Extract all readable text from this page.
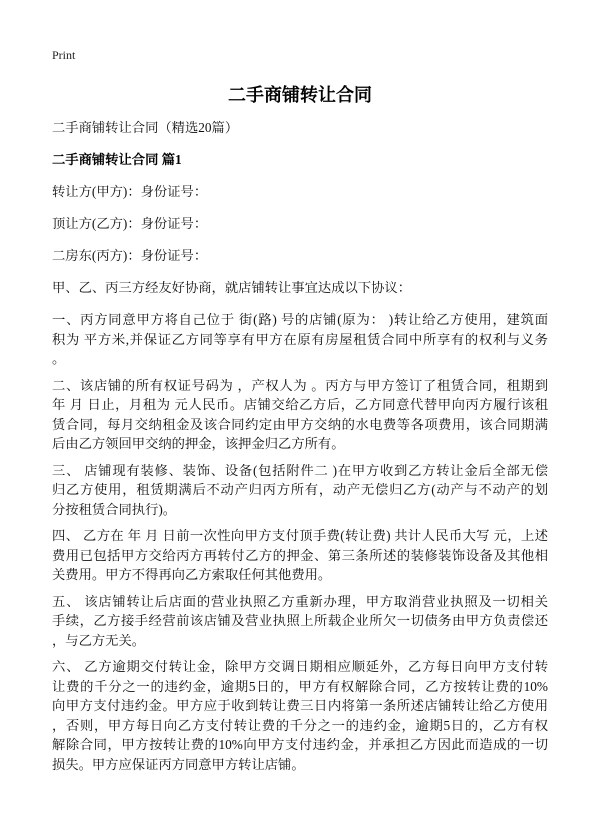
Print
二手商铺转让合同

二手商铺转让合同（精选20篇）

二手商铺转让合同 篇1

转让方(甲方)：身份证号：

顶让方(乙方)：身份证号：

二房东(丙方)：身份证号：

甲、乙、丙三方经友好协商，就店铺转让事宜达成以下协议：

一、丙方同意甲方将自己位于 街(路) 号的店铺(原为： )转让给乙方使用，建筑面
积为 平方米,并保证乙方同等享有甲方在原有房屋租赁合同中所享有的权利与义务
。
二、该店铺的所有权证号码为 ，产权人为 。丙方与甲方签订了租赁合同，租期到
年 月 日止，月租为 元人民币。店铺交给乙方后，乙方同意代替甲向丙方履行该租
赁合同，每月交纳租金及该合同约定由甲方交纳的水电费等各项费用，该合同期满
后由乙方领回甲交纳的押金，该押金归乙方所有。
三、 店铺现有装修、装饰、设备(包括附件二 )在甲方收到乙方转让金后全部无偿
归乙方使用，租赁期满后不动产归丙方所有，动产无偿归乙方(动产与不动产的划
分按租赁合同执行)。
四、 乙方在 年 月 日前一次性向甲方支付顶手费(转让费) 共计人民币大写 元，上述
费用已包括甲方交给丙方再转付乙方的押金、第三条所述的装修装饰设备及其他相
关费用。甲方不得再向乙方索取任何其他费用。
五、 该店铺转让后店面的营业执照乙方重新办理，甲方取消营业执照及一切相关
手续，乙方接手经营前该店铺及营业执照上所载企业所欠一切债务由甲方负责偿还
，与乙方无关。
六、 乙方逾期交付转让金，除甲方交调日期相应顺延外，乙方每日向甲方支付转
让费的千分之一的违约金，逾期5日的，甲方有权解除合同，乙方按转让费的10%
向甲方支付违约金。甲方应于收到转让费三日内将第一条所述店铺转让给乙方使用
，否则，甲方每日向乙方支付转让费的千分之一的违约金，逾期5日的，乙方有权
解除合同，甲方按转让费的10%向甲方支付违约金，并承担乙方因此而造成的一切
损失。甲方应保证丙方同意甲方转让店铺。
